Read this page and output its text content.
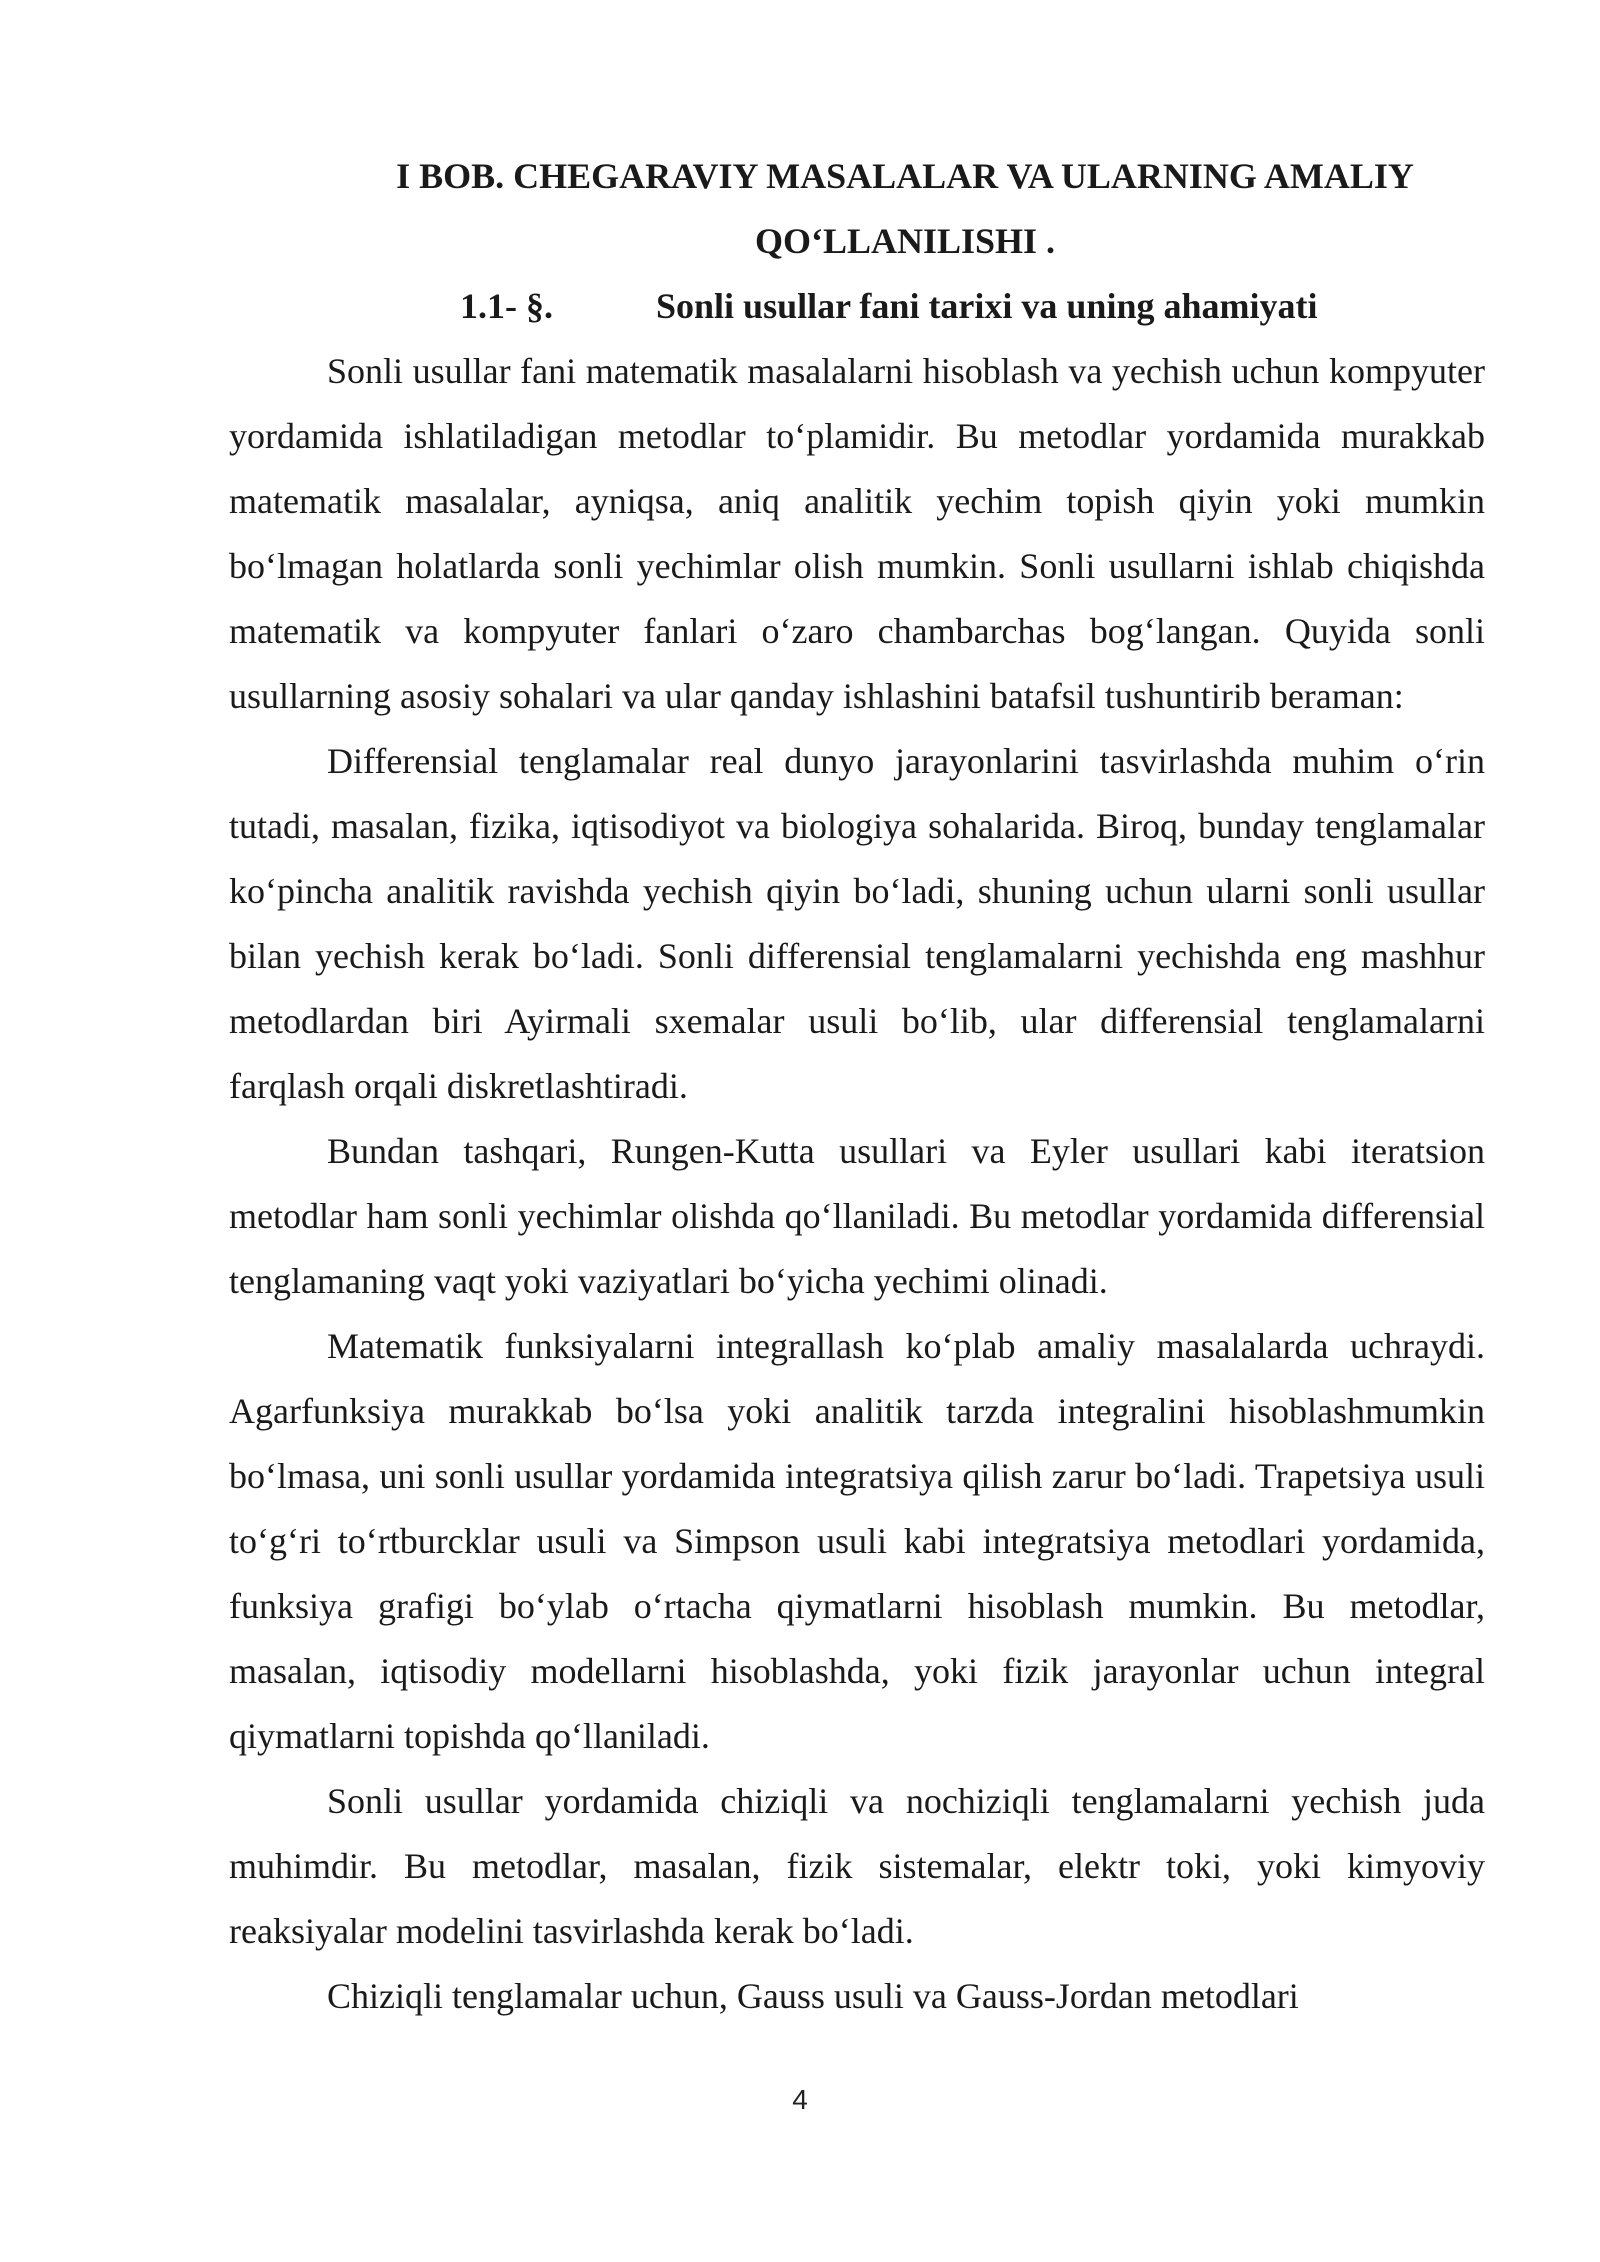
I BOB. CHEGARAVIY MASALALAR VA ULARNING AMALIY
QO‘LLANILISHI .
1.1- §.	Sonli usullar fani tarixi va uning ahamiyati

Sonli usullar fani matematik masalalarni hisoblash va yechish uchun kompyuter yordamida ishlatiladigan metodlar to‘plamidir. Bu metodlar yordamida murakkab matematik masalalar, ayniqsa, aniq analitik yechim topish qiyin yoki mumkin bo‘lmagan holatlarda sonli yechimlar olish mumkin. Sonli usullarni ishlab chiqishda matematik va kompyuter fanlari o‘zaro chambarchas bog‘langan. Quyida sonli usullarning asosiy sohalari va ular qanday ishlashini batafsil tushuntirib beraman:

Differensial tenglamalar real dunyo jarayonlarini tasvirlashda muhim o‘rin tutadi, masalan, fizika, iqtisodiyot va biologiya sohalarida. Biroq, bunday tenglamalar ko‘pincha analitik ravishda yechish qiyin bo‘ladi, shuning uchun ularni sonli usullar bilan yechish kerak bo‘ladi. Sonli differensial tenglamalarni yechishda eng mashhur metodlardan biri Ayirmali sxemalar usuli bo‘lib, ular differensial tenglamalarni farqlash orqali diskretlashtiradi.

Bundan tashqari, Rungen-Kutta usullari va Eyler usullari kabi iteratsion metodlar ham sonli yechimlar olishda qo‘llaniladi. Bu metodlar yordamida differensial tenglamaning vaqt yoki vaziyatlari bo‘yicha yechimi olinadi.

Matematik funksiyalarni integrallash ko‘plab amaliy masalalarda uchraydi. Agarfunksiya murakkab bo‘lsa yoki analitik tarzda integralini hisoblashmumkin bo‘lmasa, uni sonli usullar yordamida integratsiya qilish zarur bo‘ladi. Trapetsiya usuli to‘g‘ri to‘rtburcklar usuli va Simpson usuli kabi integratsiya metodlari yordamida, funksiya grafigi bo‘ylab o‘rtacha qiymatlarni hisoblash mumkin. Bu metodlar, masalan, iqtisodiy modellarni hisoblashda, yoki fizik jarayonlar uchun integral qiymatlarni topishda qo‘llaniladi.

Sonli usullar yordamida chiziqli va nochiziqli tenglamalarni yechish juda muhimdir. Bu metodlar, masalan, fizik sistemalar, elektr toki, yoki kimyoviy reaksiyalar modelini tasvirlashda kerak bo‘ladi.

Chiziqli tenglamalar uchun, Gauss usuli va Gauss-Jordan metodlari

4
